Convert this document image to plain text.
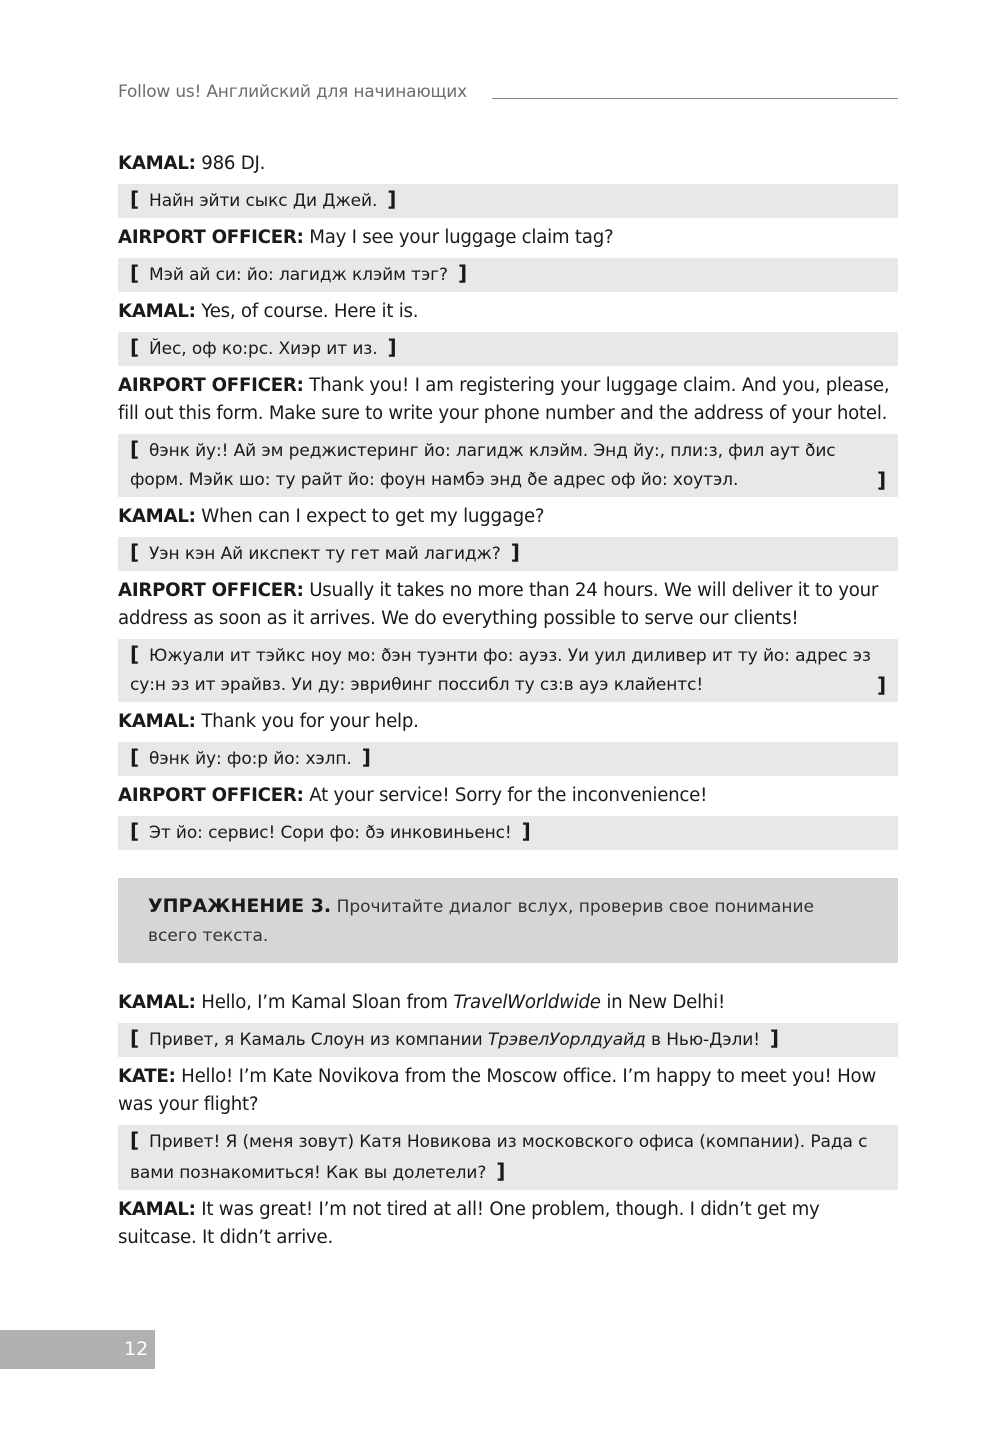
Follow us! Английский для начинающих

KAMAL: 986 DJ.

[ Найн эйти сыкс Ди Джей. ]

AIRPORT OFFICER: May I see your luggage claim tag?

[ Мэй ай си: йо: лагидж клэйм тэг? ]

KAMAL: Yes, of course. Here it is.

[ Йес, оф ко:рс. Хиэр ит из. ]

AIRPORT OFFICER: Thank you! I am registering your luggage claim. And you, please, fill out this form. Make sure to write your phone number and the address of your hotel.

[ θэнк йу:! Ай эм реджистеринг йо: лагидж клэйм. Энд йу:, пли:з, фил аут ðис форм. Мэйк шо: ту райт йо: фоун намбэ энд ðе адрес оф йо: хоутэл.	]

KAMAL: When can I expect to get my luggage?

[ Уэн кэн Ай икспект ту гет май лагидж? ]

AIRPORT OFFICER: Usually it takes no more than 24 hours. We will deliver it to your address as soon as it arrives. We do everything possible to serve our clients!

[ Южуали ит тэйкс ноу мо: ðэн туэнти фо: ауэз. Уи уил диливер ит ту йо: адрес эз су:н эз ит эрайвз. Уи ду: эвриθинг поссибл ту сз:в ауэ клайентс!	]

KAMAL: Thank you for your help.

[ θэнк йу: фо:р йо: хэлп. ]

AIRPORT OFFICER: At your service! Sorry for the inconvenience!

[ Эт йо: сервис! Сори фо: ðэ инковиньенс! ]
УПРАЖНЕНИЕ 3. Прочитайте диалог вслух, проверив свое понимание всего текста.

KAMAL: Hello, I’m Kamal Sloan from TravelWorldwide in New Delhi!

[ Привет, я Камаль Слоун из компании ТрэвелУорлдуайд в Нью-Дэли! ]

KATE: Hello! I’m Kate Novikova from the Moscow office. I’m happy to meet you! How was your flight?

[ Привет! Я (меня зовут) Катя Новикова из московского офиса (компании). Рада с вами познакомиться! Как вы долетели? ]

KAMAL: It was great! I’m not tired at all! One problem, though. I didn’t get my suitcase. It didn’t arrive.

12
